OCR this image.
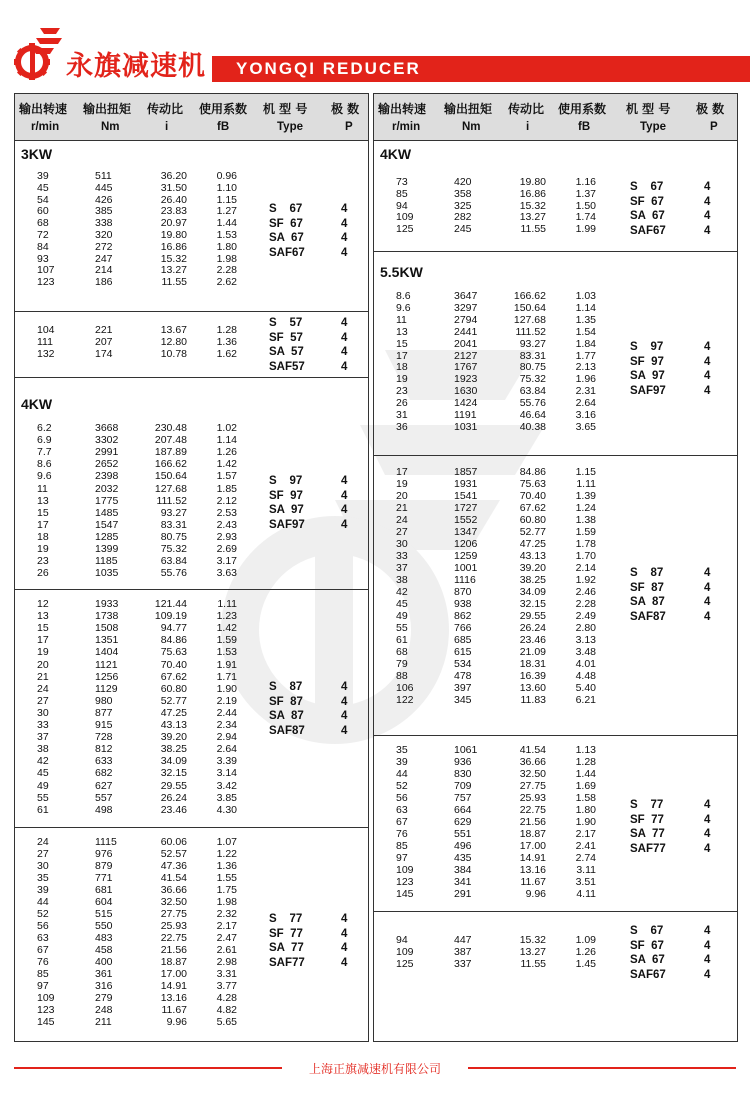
永旗减速机 YONGQI REDUCER
输出转速 输出扭矩 传动比 使用系数 机 型 号 极 数
r/min	Nm	i	fB	Type	P
3KW
39	511	36.20	0.96
45	445	31.50	1.10
54	426	26.40	1.15
60	385	23.83	1.27
68	338	20.97	1.44
72	320	19.80	1.53
84	272	16.86	1.80
93	247	15.32	1.98
107	214	13.27	2.28
123	186	11.55	2.62
S    67	4
SF  67	4
SA  67	4
SAF67	4
104	221	13.67	1.28
111	207	12.80	1.36
132	174	10.78	1.62
S    57	4
SF  57	4
SA  57	4
SAF57	4
4KW
6.2	3668	230.48	1.02
6.9	3302	207.48	1.14
7.7	2991	187.89	1.26
8.6	2652	166.62	1.42
9.6	2398	150.64	1.57
11	2032	127.68	1.85
13	1775	111.52	2.12
15	1485	93.27	2.53
17	1547	83.31	2.43
18	1285	80.75	2.93
19	1399	75.32	2.69
23	1185	63.84	3.17
26	1035	55.76	3.63
S    97	4
SF  97	4
SA  97	4
SAF97	4
12	1933	121.44	1.11
13	1738	109.19	1.23
15	1508	94.77	1.42
17	1351	84.86	1.59
19	1404	75.63	1.53
20	1121	70.40	1.91
21	1256	67.62	1.71
24	1129	60.80	1.90
27	980	52.77	2.19
30	877	47.25	2.44
33	915	43.13	2.34
37	728	39.20	2.94
38	812	38.25	2.64
42	633	34.09	3.39
45	682	32.15	3.14
49	627	29.55	3.42
55	557	26.24	3.85
61	498	23.46	4.30
S    87	4
SF  87	4
SA  87	4
SAF87	4
24	1115	60.06	1.07
27	976	52.57	1.22
30	879	47.36	1.36
35	771	41.54	1.55
39	681	36.66	1.75
44	604	32.50	1.98
52	515	27.75	2.32
56	550	25.93	2.17
63	483	22.75	2.47
67	458	21.56	2.61
76	400	18.87	2.98
85	361	17.00	3.31
97	316	14.91	3.77
109	279	13.16	4.28
123	248	11.67	4.82
145	211	9.96	5.65
S    77	4
SF  77	4
SA  77	4
SAF77	4
输出转速 输出扭矩 传动比 使用系数 机 型 号 极 数
r/min	Nm	i	fB	Type	P
4KW
73	420	19.80	1.16
85	358	16.86	1.37
94	325	15.32	1.50
109	282	13.27	1.74
125	245	11.55	1.99
S    67	4
SF  67	4
SA  67	4
SAF67	4
5.5KW
8.6	3647	166.62	1.03
9.6	3297	150.64	1.14
11	2794	127.68	1.35
13	2441	111.52	1.54
15	2041	93.27	1.84
17	2127	83.31	1.77
18	1767	80.75	2.13
19	1923	75.32	1.96
23	1630	63.84	2.31
26	1424	55.76	2.64
31	1191	46.64	3.16
36	1031	40.38	3.65
S    97	4
SF  97	4
SA  97	4
SAF97	4
17	1857	84.86	1.15
19	1931	75.63	1.11
20	1541	70.40	1.39
21	1727	67.62	1.24
24	1552	60.80	1.38
27	1347	52.77	1.59
30	1206	47.25	1.78
33	1259	43.13	1.70
37	1001	39.20	2.14
38	1116	38.25	1.92
42	870	34.09	2.46
45	938	32.15	2.28
49	862	29.55	2.49
55	766	26.24	2.80
61	685	23.46	3.13
68	615	21.09	3.48
79	534	18.31	4.01
88	478	16.39	4.48
106	397	13.60	5.40
122	345	11.83	6.21
S    87	4
SF  87	4
SA  87	4
SAF87	4
35	1061	41.54	1.13
39	936	36.66	1.28
44	830	32.50	1.44
52	709	27.75	1.69
56	757	25.93	1.58
63	664	22.75	1.80
67	629	21.56	1.90
76	551	18.87	2.17
85	496	17.00	2.41
97	435	14.91	2.74
109	384	13.16	3.11
123	341	11.67	3.51
145	291	9.96	4.11
S    77	4
SF  77	4
SA  77	4
SAF77	4
94	447	15.32	1.09
109	387	13.27	1.26
125	337	11.55	1.45
S    67	4
SF  67	4
SA  67	4
SAF67	4
上海正旗减速机有限公司
